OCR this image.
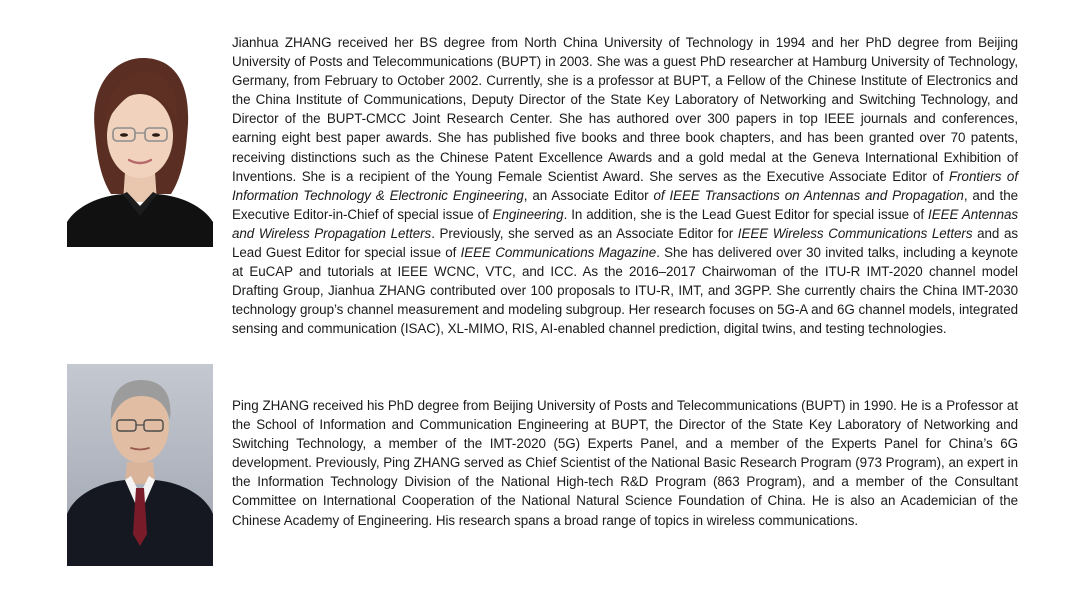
Jianhua ZHANG received her BS degree from North China University of Technology in 1994 and her PhD degree from Beijing University of Posts and Telecommunications (BUPT) in 2003. She was a guest PhD researcher at Hamburg University of Technology, Germany, from February to October 2002. Currently, she is a professor at BUPT, a Fellow of the Chinese Institute of Electronics and the China Institute of Communications, Deputy Director of the State Key Laboratory of Networking and Switching Technology, and Director of the BUPT-CMCC Joint Research Center. She has authored over 300 papers in top IEEE journals and conferences, earning eight best paper awards. She has published five books and three book chapters, and has been granted over 70 patents, receiving distinctions such as the Chinese Patent Excellence Awards and a gold medal at the Geneva International Exhibition of Inventions. She is a recipient of the Young Female Scientist Award. She serves as the Executive Associate Editor of Frontiers of Information Technology & Electronic Engineering, an Associate Editor of IEEE Transactions on Antennas and Propagation, and the Executive Editor-in-Chief of special issue of Engineering. In addition, she is the Lead Guest Editor for special issue of IEEE Antennas and Wireless Propagation Letters. Previously, she served as an Associate Editor for IEEE Wireless Communications Letters and as Lead Guest Editor for special issue of IEEE Communications Magazine. She has delivered over 30 invited talks, including a keynote at EuCAP and tutorials at IEEE WCNC, VTC, and ICC. As the 2016–2017 Chairwoman of the ITU-R IMT-2020 channel model Drafting Group, Jianhua ZHANG contributed over 100 proposals to ITU-R, IMT, and 3GPP. She currently chairs the China IMT-2030 technology group’s channel measurement and modeling subgroup. Her research focuses on 5G-A and 6G channel models, integrated sensing and communication (ISAC), XL-MIMO, RIS, AI-enabled channel prediction, digital twins, and testing technologies.

Ping ZHANG received his PhD degree from Beijing University of Posts and Telecommunications (BUPT) in 1990. He is a Professor at the School of Information and Communication Engineering at BUPT, the Director of the State Key Laboratory of Networking and Switching Technology, a member of the IMT-2020 (5G) Experts Panel, and a member of the Experts Panel for China’s 6G development. Previously, Ping ZHANG served as Chief Scientist of the National Basic Research Program (973 Program), an expert in the Information Technology Division of the National High-tech R&D Program (863 Program), and a member of the Consultant Committee on International Cooperation of the National Natural Science Foundation of China. He is also an Academician of the Chinese Academy of Engineering. His research spans a broad range of topics in wireless communications.
